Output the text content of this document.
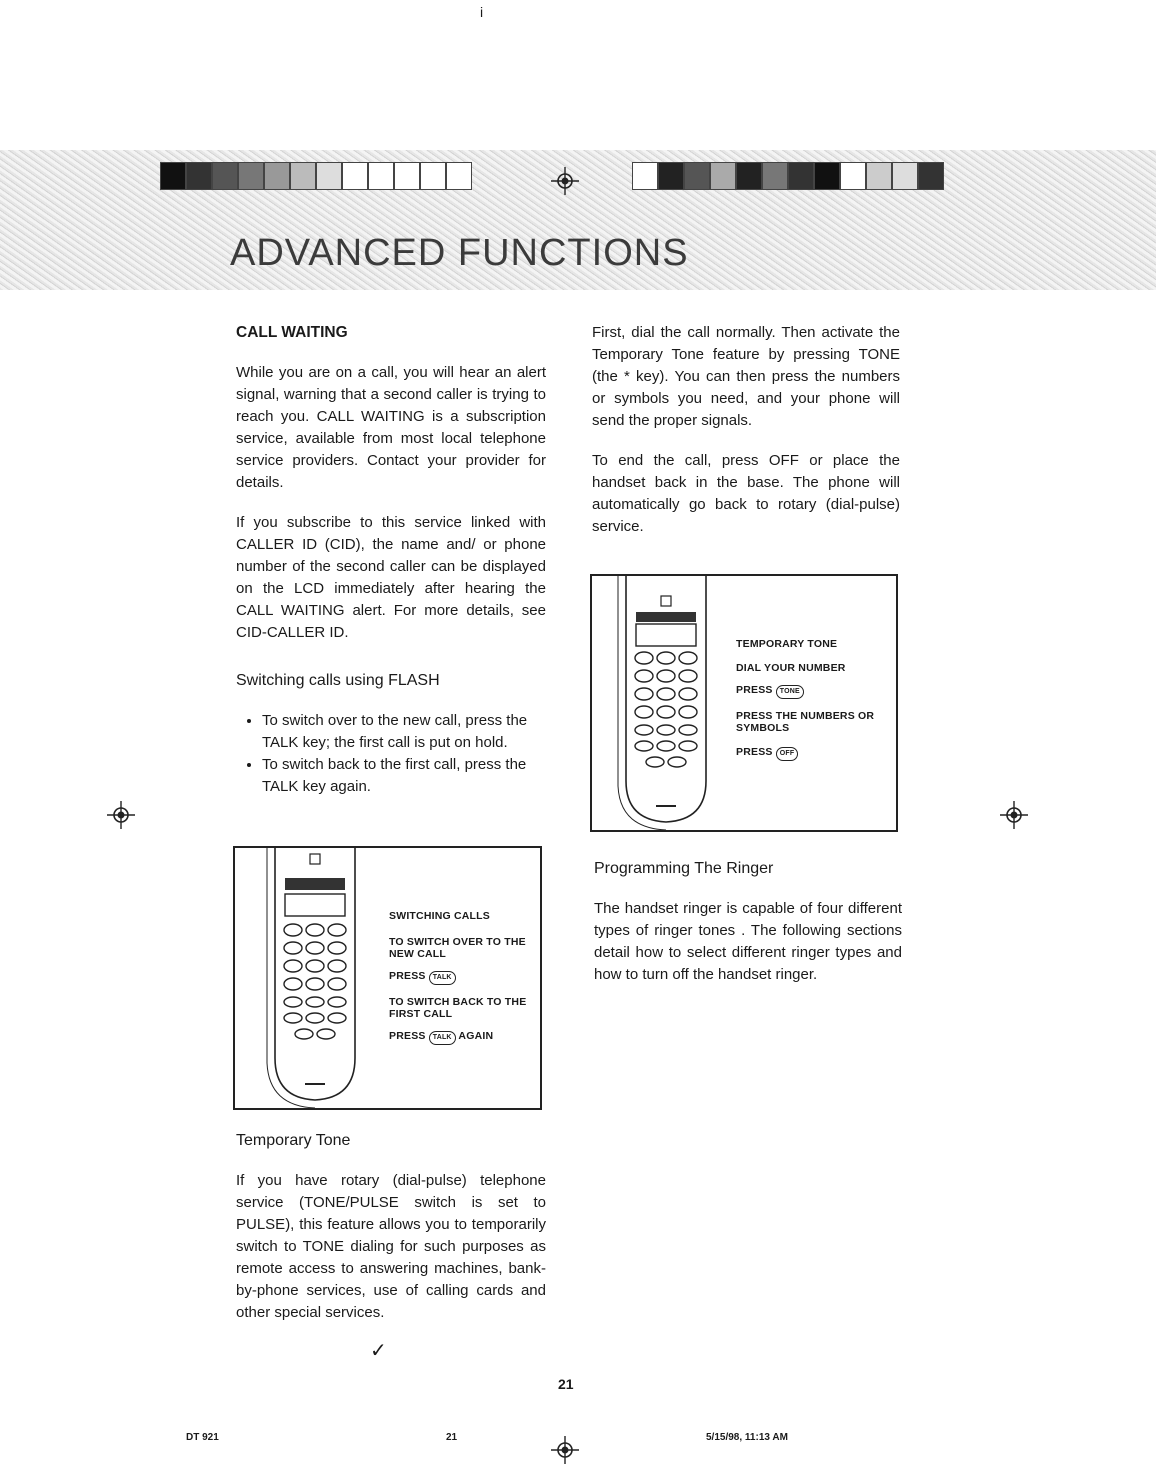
i
ADVANCED FUNCTIONS

CALL WAITING

While you are on a call, you will hear an alert signal, warning that a second caller is trying to reach you. CALL WAITING is a subscription service, available from most local telephone service providers. Contact your provider for details.

If you subscribe to this service linked with CALLER ID (CID), the name and/ or phone number of the second caller can be displayed on the LCD immediately after hearing the CALL WAITING alert. For more details, see CID-CALLER ID.

Switching calls using FLASH

• To switch over to the new call, press the TALK key; the first call is put on hold.
• To switch back to the first call, press the TALK key again.
SWITCHING CALLS
TO SWITCH OVER TO THE NEW CALL
PRESS TALK
TO SWITCH BACK TO THE FIRST CALL
PRESS TALK AGAIN

Temporary Tone

If you have rotary (dial-pulse) telephone service (TONE/PULSE switch is set to PULSE), this feature allows you to temporarily switch to TONE dialing for such purposes as remote access to answering machines, bank-by-phone services, use of calling cards and other special services.

✓

First, dial the call normally. Then activate the Temporary Tone feature by pressing TONE (the * key). You can then press the numbers or symbols you need, and your phone will send the proper signals.

To end the call, press OFF or place the handset back in the base. The phone will automatically go back to rotary (dial-pulse) service.

TEMPORARY TONE
DIAL YOUR NUMBER
PRESS TONE
PRESS THE NUMBERS OR SYMBOLS
PRESS OFF

Programming The Ringer

The handset ringer is capable of four different types of ringer tones . The following sections detail how to select different ringer types and how to turn off the handset ringer.

21
DT 921	21	5/15/98, 11:13 AM
